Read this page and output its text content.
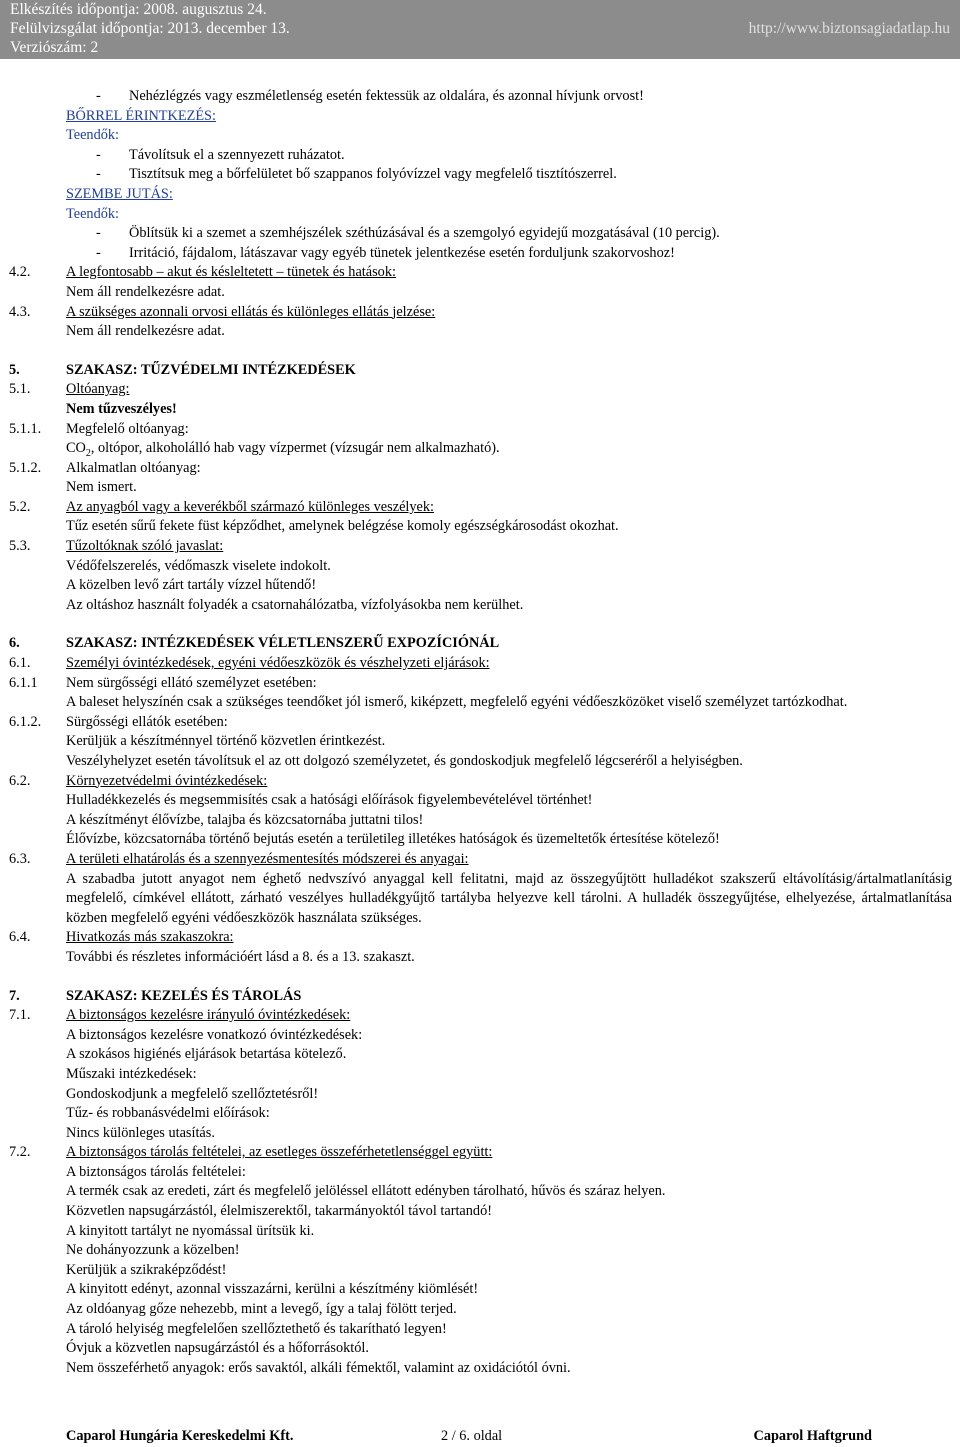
Elkészítés időpontja: 2008. augusztus 24.
Felülvizsgálat időpontja: 2013. december 13.
Verziószám: 2
http://www.biztonsagiadatlap.hu
-	Nehézlégzés vagy eszméletlenség esetén fektessük az oldalára, és azonnal hívjunk orvost!
BŐRREL ÉRINTKEZÉS:
Teendők:
-	Távolítsuk el a szennyezett ruházatot.
-	Tisztítsuk meg a bőrfelületet bő szappanos folyóvízzel vagy megfelelő tisztítószerrel.
SZEMBE JUTÁS:
Teendők:
-	Öblítsük ki a szemet a szemhéjszélek széthúzásával és a szemgolyó egyidejű mozgatásával (10 percig).
-	Irritáció, fájdalom, látászavar vagy egyéb tünetek jelentkezése esetén forduljunk szakorvoshoz!
4.2.	A legfontosabb – akut és késleltetett – tünetek és hatások:
Nem áll rendelkezésre adat.
4.3.	A szükséges azonnali orvosi ellátás és különleges ellátás jelzése:
Nem áll rendelkezésre adat.
5.	SZAKASZ: TŰZVÉDELMI INTÉZKEDÉSEK
5.1.	Oltóanyag:
Nem tűzveszélyes!
5.1.1.	Megfelelő oltóanyag:
$CO_2$, oltópor, alkoholálló hab vagy vízpermet (vízsugár nem alkalmazható).
5.1.2.	Alkalmatlan oltóanyag:
Nem ismert.
5.2.	Az anyagból vagy a keverékből származó különleges veszélyek:
Tűz esetén sűrű fekete füst képződhet, amelynek belégzése komoly egészségkárosodást okozhat.
5.3.	Tűzoltóknak szóló javaslat:
Védőfelszerelés, védőmaszk viselete indokolt.
A közelben levő zárt tartály vízzel hűtendő!
Az oltáshoz használt folyadék a csatornahálózatba, vízfolyásokba nem kerülhet.
6.	SZAKASZ: INTÉZKEDÉSEK VÉLETLENSZERŰ EXPOZÍCIÓNÁL
6.1.	Személyi óvintézkedések, egyéni védőeszközök és vészhelyzeti eljárások:
6.1.1	Nem sürgősségi ellátó személyzet esetében:
A baleset helyszínén csak a szükséges teendőket jól ismerő, kiképzett, megfelelő egyéni védőeszközöket viselő személyzet tartózkodhat.
6.1.2.	Sürgősségi ellátók esetében:
Kerüljük a készítménnyel történő közvetlen érintkezést.
Veszélyhelyzet esetén távolítsuk el az ott dolgozó személyzetet, és gondoskodjuk megfelelő légcseréről a helyiségben.
6.2.	Környezetvédelmi óvintézkedések:
Hulladékkezelés és megsemmisítés csak a hatósági előírások figyelembevételével történhet!
A készítményt élővízbe, talajba és közcsatornába juttatni tilos!
Élővízbe, közcsatornába történő bejutás esetén a területileg illetékes hatóságok és üzemeltetők értesítése kötelező!
6.3.	A területi elhatárolás és a szennyezésmentesítés módszerei és anyagai:
A szabadba jutott anyagot nem éghető nedvszívó anyaggal kell felitatni, majd az összegyűjtött hulladékot szakszerű eltávolításig/ártalmatlanításig megfelelő, címkével ellátott, zárható veszélyes hulladékgyűjtő tartályba helyezve kell tárolni. A hulladék összegyűjtése, elhelyezése, ártalmatlanítása közben megfelelő egyéni védőeszközök használata szükséges.
6.4.	Hivatkozás más szakaszokra:
További és részletes információért lásd a 8. és a 13. szakaszt.
7.	SZAKASZ: KEZELÉS ÉS TÁROLÁS
7.1.	A biztonságos kezelésre irányuló óvintézkedések:
A biztonságos kezelésre vonatkozó óvintézkedések:
A szokásos higiénés eljárások betartása kötelező.
Műszaki intézkedések:
Gondoskodjunk a megfelelő szellőztetésről!
Tűz- és robbanásvédelmi előírások:
Nincs különleges utasítás.
7.2.	A biztonságos tárolás feltételei, az esetleges összeférhetetlenséggel együtt:
A biztonságos tárolás feltételei:
A termék csak az eredeti, zárt és megfelelő jelöléssel ellátott edényben tárolható, hűvös és száraz helyen.
Közvetlen napsugárzástól, élelmiszerektől, takarmányoktól távol tartandó!
A kinyitott tartályt ne nyomással ürítsük ki.
Ne dohányozzunk a közelben!
Kerüljük a szikraképződést!
A kinyitott edényt, azonnal visszazárni, kerülni a készítmény kiömlését!
Az oldóanyag gőze nehezebb, mint a levegő, így a talaj fölött terjed.
A tároló helyiség megfelelően szellőztethető és takarítható legyen!
Óvjuk a közvetlen napsugárzástól és a hőforrásoktól.
Nem összeférhető anyagok: erős savaktól, alkáli fémektől, valamint az oxidációtól óvni.
Caparol Hungária Kereskedelmi Kft.	2 / 6. oldal	Caparol Haftgrund
